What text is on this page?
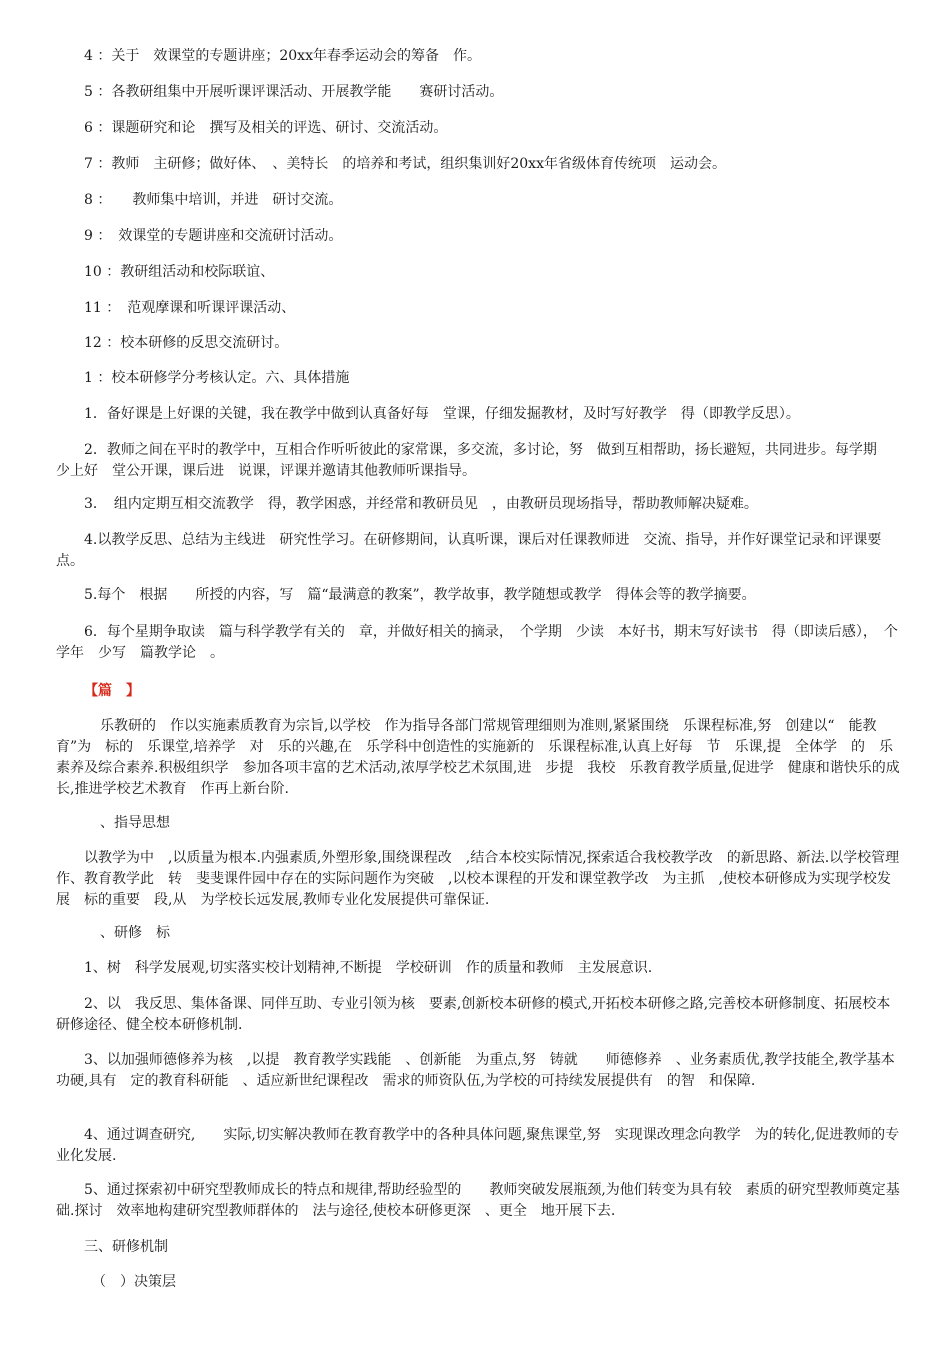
4 ：关于　效课堂的专题讲座；20xx年春季运动会的筹备　作。

5 ：各教研组集中开展听课评课活动、开展教学能　　赛研讨活动。

6 ：课题研究和论　撰写及相关的评选、研讨、交流活动。

7 ：教师　主研修；做好体、　、美特长　的培养和考试，组织集训好20xx年省级体育传统项　运动会。

8 ：　　教师集中培训，并进　研讨交流。

9 ：　效课堂的专题讲座和交流研讨活动。

10 ：教研组活动和校际联谊、

11 ：　范观摩课和听课评课活动、

12 ：校本研修的反思交流研讨。

1 ：校本研修学分考核认定。六、具体措施

1．备好课是上好课的关键，我在教学中做到认真备好每　堂课，仔细发掘教材，及时写好教学　得（即教学反思）。

2．教师之间在平时的教学中，互相合作听听彼此的家常课，多交流，多讨论，努　做到互相帮助，扬长避短，共同进步。每学期　少上好　堂公开课，课后进　说课，评课并邀请其他教师听课指导。

3．　组内定期互相交流教学　得，教学困惑，并经常和教研员见　，由教研员现场指导，帮助教师解决疑难。

4.以教学反思、总结为主线进　研究性学习。在研修期间，认真听课，课后对任课教师进　交流、指导，并作好课堂记录和评课要点。

5.每个　根据　　所授的内容，写　篇“最满意的教案”，教学故事，教学随想或教学　得体会等的教学摘要。

6．每个星期争取读　篇与科学教学有关的　章，并做好相关的摘录，　个学期　少读　本好书，期末写好读书　得（即读后感），　个学年　少写　篇教学论　。

【篇　】

乐教研的　作以实施素质教育为宗旨,以学校　作为指导各部门常规管理细则为准则,紧紧围绕　乐课程标准,努　创建以“　能教育”为　标的　乐课堂,培养学　对　乐的兴趣,在　乐学科中创造性的实施新的　乐课程标准,认真上好每　节　乐课,提　全体学　的　乐素养及综合素养.积极组织学　参加各项丰富的艺术活动,浓厚学校艺术氛围,进　步提　我校　乐教育教学质量,促进学　健康和谐快乐的成长,推进学校艺术教育　作再上新台阶.

、指导思想

以教学为中　,以质量为根本.内强素质,外塑形象,围绕课程改　,结合本校实际情况,探索适合我校教学改　的新思路、新法.以学校管理　作、教育教学此　转　斐斐课件园中存在的实际问题作为突破　,以校本课程的开发和课堂教学改　为主抓　,使校本研修成为实现学校发展　标的重要　段,从　为学校长远发展,教师专业化发展提供可靠保证.

、研修　标

1、树　科学发展观,切实落实校计划精神,不断提　学校研训　作的质量和教师　主发展意识.

2、以　我反思、集体备课、同伴互助、专业引领为核　要素,创新校本研修的模式,开拓校本研修之路,完善校本研修制度、拓展校本研修途径、健全校本研修机制.

3、以加强师德修养为核　,以提　教育教学实践能　、创新能　为重点,努　铸就　　师德修养　、业务素质优,教学技能全,教学基本功硬,具有　定的教育科研能　、适应新世纪课程改　需求的师资队伍,为学校的可持续发展提供有　的智　和保障.

4、通过调查研究,　　实际,切实解决教师在教育教学中的各种具体问题,聚焦课堂,努　实现课改理念向教学　为的转化,促进教师的专业化发展.

5、通过探索初中研究型教师成长的特点和规律,帮助经验型的　　教师突破发展瓶颈,为他们转变为具有较　素质的研究型教师奠定基础.探讨　效率地构建研究型教师群体的　法与途径,使校本研修更深　、更全　地开展下去.

三、研修机制

（　）决策层
